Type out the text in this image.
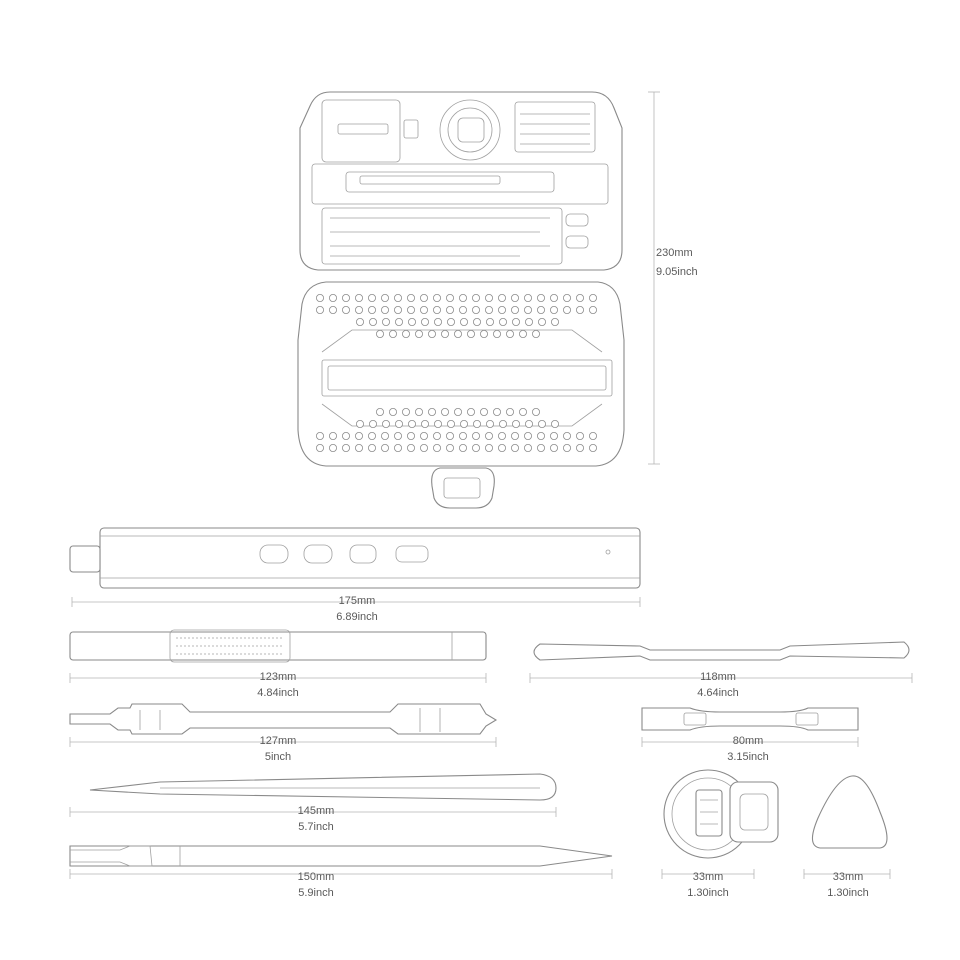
230mm
9.05inch
175mm
6.89inch
123mm
4.84inch
118mm
4.64inch
127mm
5inch
80mm
3.15inch
145mm
5.7inch
150mm
5.9inch
33mm
1.30inch
33mm
1.30inch
